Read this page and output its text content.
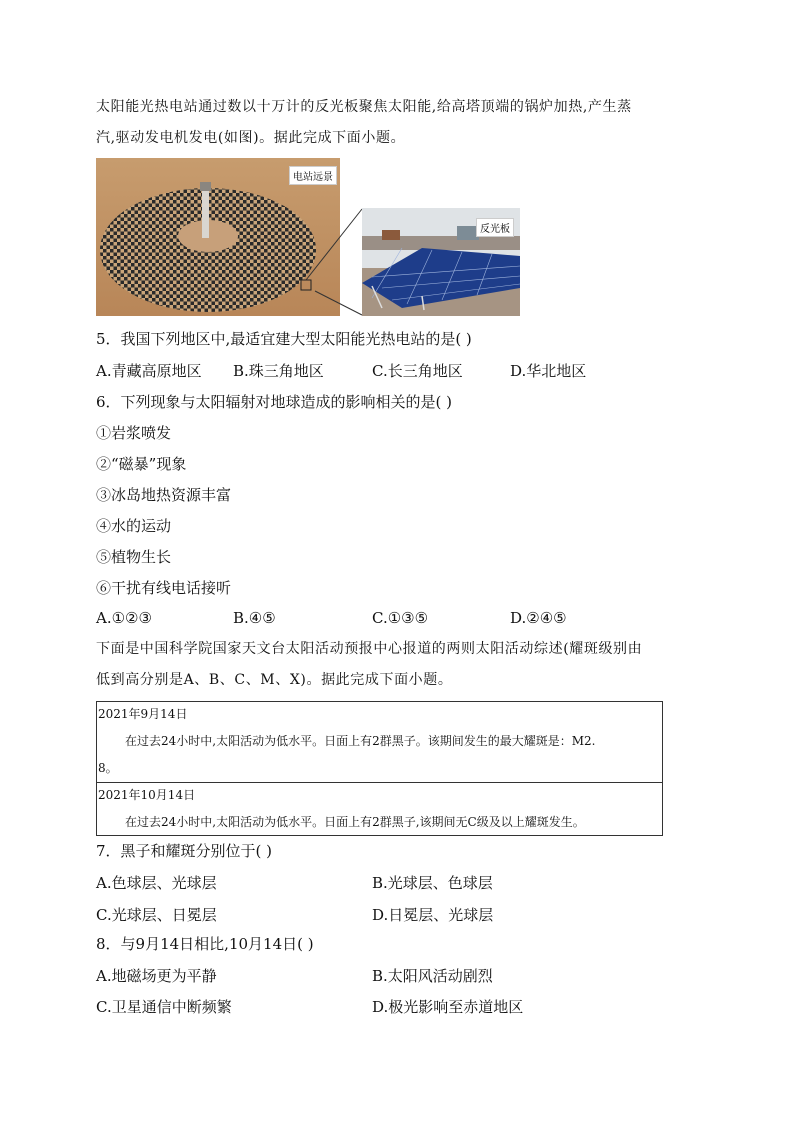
太阳能光热电站通过数以十万计的反光板聚焦太阳能,给高塔顶端的锅炉加热,产生蒸
汽,驱动发电机发电(如图)。据此完成下面小题。
电站远景
反光板
5．我国下列地区中,最适宜建大型太阳能光热电站的是( )
A.青藏高原地区 B.珠三角地区	C.长三角地区	D.华北地区
6．下列现象与太阳辐射对地球造成的影响相关的是( )
①岩浆喷发
②“磁暴”现象
③冰岛地热资源丰富
④水的运动
⑤植物生长
⑥干扰有线电话接听
A.①②③	B.④⑤	C.①③⑤	D.②④⑤
下面是中国科学院国家天文台太阳活动预报中心报道的两则太阳活动综述(耀斑级别由
低到高分别是A、B、C、M、X)。据此完成下面小题。
2021年9月14日
在过去24小时中,太阳活动为低水平。日面上有2群黑子。该期间发生的最大耀斑是：M2.
8。

2021年10月14日
在过去24小时中,太阳活动为低水平。日面上有2群黑子,该期间无C级及以上耀斑发生。
7．黑子和耀斑分别位于( )
A.色球层、光球层	B.光球层、色球层
C.光球层、日冕层	D.日冕层、光球层
8．与9月14日相比,10月14日( )
A.地磁场更为平静	B.太阳风活动剧烈
C.卫星通信中断频繁	D.极光影响至赤道地区
